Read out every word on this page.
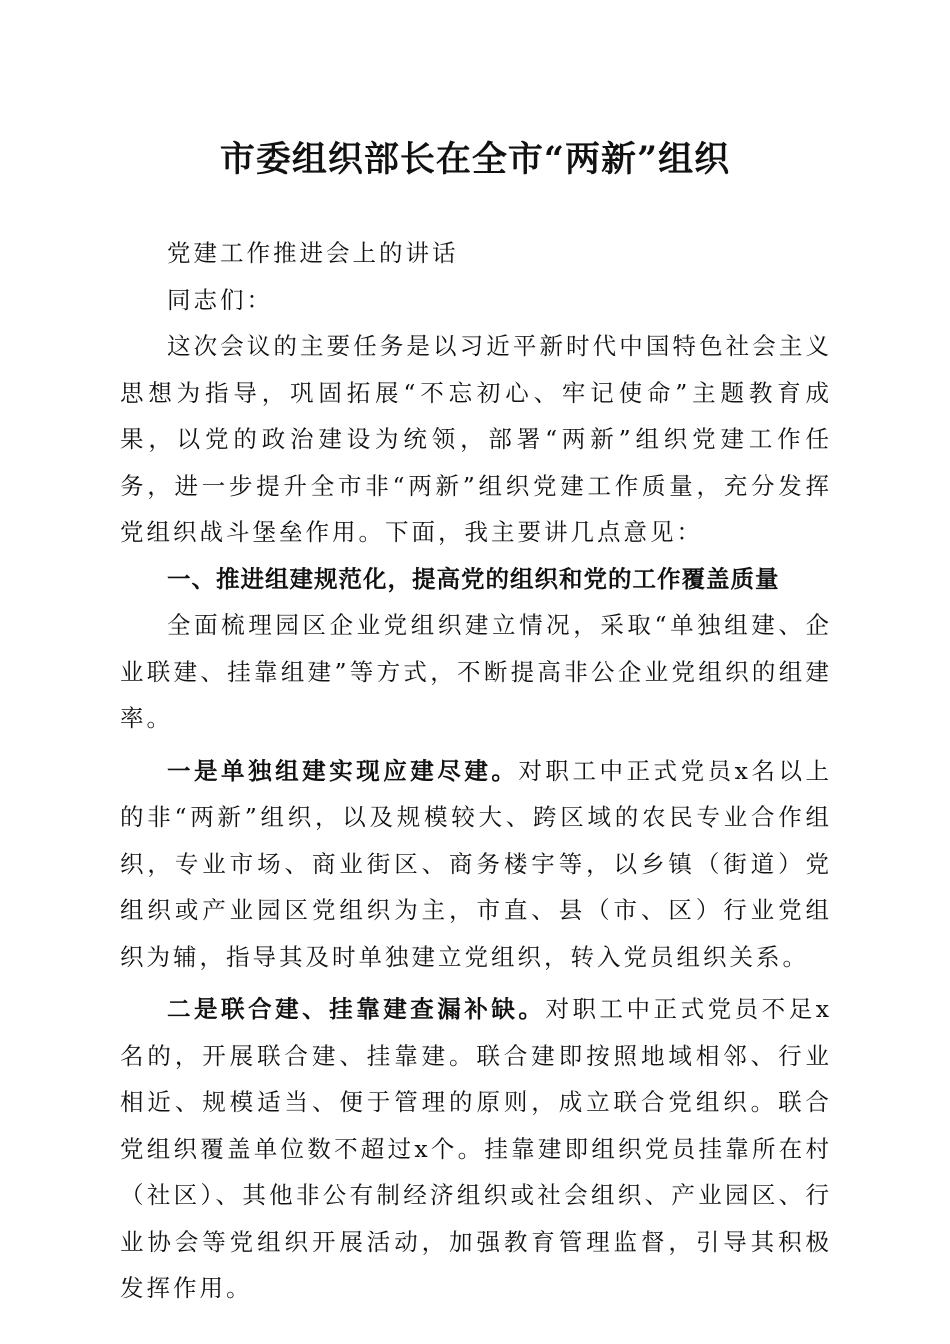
市委组织部长在全市“两新”组织

党建工作推进会上的讲话

同志们：

这次会议的主要任务是以习近平新时代中国特色社会主义思想为指导，巩固拓展“不忘初心、牢记使命”主题教育成果，以党的政治建设为统领，部署“两新”组织党建工作任务，进一步提升全市非“两新”组织党建工作质量，充分发挥党组织战斗堡垒作用。下面，我主要讲几点意见：

一、推进组建规范化，提高党的组织和党的工作覆盖质量

全面梳理园区企业党组织建立情况，采取“单独组建、企业联建、挂靠组建”等方式，不断提高非公企业党组织的组建率。

一是单独组建实现应建尽建。对职工中正式党员x名以上的非“两新”组织，以及规模较大、跨区域的农民专业合作组织，专业市场、商业街区、商务楼宇等，以乡镇（街道）党组织或产业园区党组织为主，市直、县（市、区）行业党组织为辅，指导其及时单独建立党组织，转入党员组织关系。

二是联合建、挂靠建查漏补缺。对职工中正式党员不足x名的，开展联合建、挂靠建。联合建即按照地域相邻、行业相近、规模适当、便于管理的原则，成立联合党组织。联合党组织覆盖单位数不超过x个。挂靠建即组织党员挂靠所在村（社区）、其他非公有制经济组织或社会组织、产业园区、行业协会等党组织开展活动，加强教育管理监督，引导其积极发挥作用。
